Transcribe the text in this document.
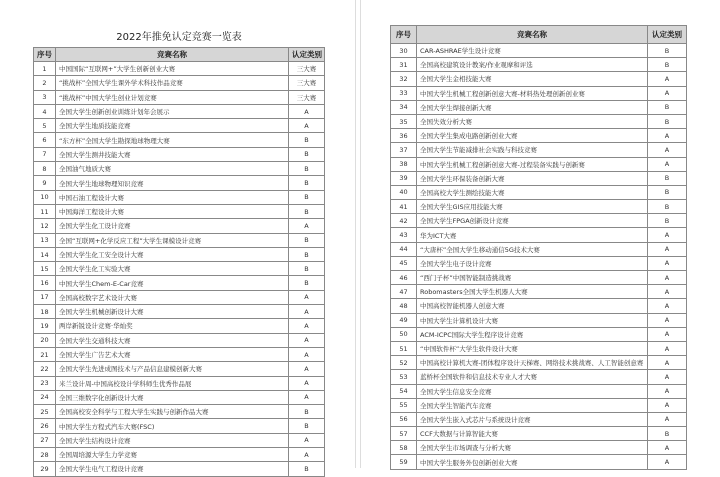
2022年推免认定竞赛一览表
序号	竞赛名称	认定类别
1	中国国际“互联网+”大学生创新创业大赛	三大赛
2	“挑战杯”全国大学生课外学术科技作品竞赛	三大赛
3	“挑战杯”中国大学生创业计划竞赛	三大赛
4	全国大学生创新创业训练计划年会展示	A
5	全国大学生地质技能竞赛	A
6	“东方杯”全国大学生勘探地球物理大赛	B
7	全国大学生测井技能大赛	B
8	全国油气地质大赛	B
9	全国大学生地球物理知识竞赛	B
10	中国石油工程设计大赛	B
11	中国海洋工程设计大赛	B
12	全国大学生化工设计竞赛	A
13	全国“互联网+化学反应工程”大学生课模设计竞赛	B
14	全国大学生化工安全设计大赛	B
15	全国大学生化工实验大赛	B
16	中国大学生Chem-E-Car竞赛	B
17	全国高校数字艺术设计大赛	A
18	全国大学生机械创新设计大赛	A
19	两岸新锐设计竞赛·华灿奖	A
20	全国大学生交通科技大赛	A
21	全国大学生广告艺术大赛	A
22	全国大学生先进成图技术与产品信息建模创新大赛	A
23	米兰设计周-中国高校设计学科师生优秀作品展	A
24	全国三维数字化创新设计大赛	A
25	全国高校安全科学与工程大学生实践与创新作品大赛	B
26	中国大学生方程式汽车大赛(FSC)	B
27	全国大学生结构设计竞赛	A
28	全国周培源大学生力学竞赛	A
29	全国大学生电气工程设计竞赛	B
序号	竞赛名称	认定类别
30	CAR-ASHRAE学生设计竞赛	B
31	全国高校建筑设计教案/作业观摩和评选	B
32	全国大学生金相技能大赛	A
33	中国大学生机械工程创新创意大赛-材料热处理创新创业赛	A
34	全国大学生焊接创新大赛	B
35	全国失效分析大赛	B
36	全国大学生集成电路创新创业大赛	A
37	全国大学生节能减排社会实践与科技竞赛	A
38	中国大学生机械工程创新创意大赛-过程装备实践与创新赛	A
39	全国大学生环保装备创新大赛	B
40	全国高校大学生测绘技能大赛	B
41	全国大学生GIS应用技能大赛	B
42	全国大学生FPGA创新设计竞赛	B
43	华为ICT大赛	A
44	“大唐杯”全国大学生移动通信5G技术大赛	A
45	全国大学生电子设计竞赛	A
46	“西门子杯”中国智能制造挑战赛	A
47	Robomasters全国大学生机器人大赛	A
48	中国高校智能机器人创意大赛	A
49	中国大学生计算机设计大赛	A
50	ACM-ICPC国际大学生程序设计竞赛	A
51	“中国软件杯”大学生软件设计大赛	A
52	中国高校计算机大赛-团体程序设计天梯赛、网络技术挑战赛、人工智能创意赛	A
53	蓝桥杯全国软件和信息技术专业人才大赛	A
54	全国大学生信息安全竞赛	A
55	全国大学生智能汽车竞赛	A
56	全国大学生嵌入式芯片与系统设计竞赛	A
57	CCF大数据与计算智能大赛	B
58	全国大学生市场调查与分析大赛	A
59	中国大学生服务外包创新创业大赛	A
